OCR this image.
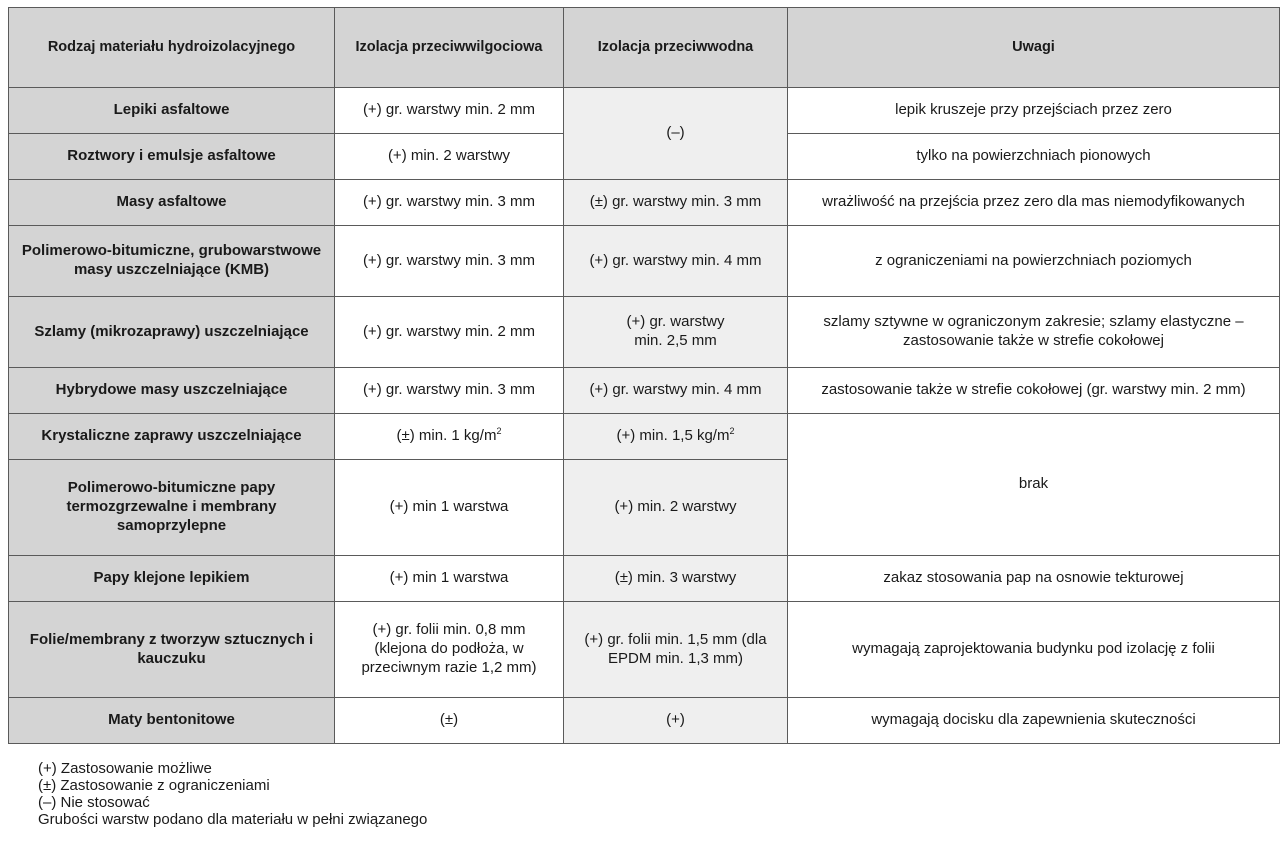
Rodzaj materiału hydroizolacyjnego	Izolacja przeciwwilgociowa	Izolacja przeciwwodna	Uwagi
Lepiki asfaltowe	(+) gr. warstwy min. 2 mm	(–)	lepik kruszeje przy przejściach przez zero
Roztwory i emulsje asfaltowe	(+) min. 2 warstwy		tylko na powierzchniach pionowych
Masy asfaltowe	(+) gr. warstwy min. 3 mm	(±) gr. warstwy min. 3 mm	wrażliwość na przejścia przez zero dla mas niemodyfikowanych
Polimerowo-bitumiczne, grubowarstwowe masy uszczelniające (KMB)	(+) gr. warstwy min. 3 mm	(+) gr. warstwy min. 4 mm	z ograniczeniami na powierzchniach poziomych
Szlamy (mikrozaprawy) uszczelniające	(+) gr. warstwy min. 2 mm	(+) gr. warstwy min. 2,5 mm	szlamy sztywne w ograniczonym zakresie; szlamy elastyczne – zastosowanie także w strefie cokołowej
Hybrydowe masy uszczelniające	(+) gr. warstwy min. 3 mm	(+) gr. warstwy min. 4 mm	zastosowanie także w strefie cokołowej (gr. warstwy min. 2 mm)
Krystaliczne zaprawy uszczelniające	(±) min. 1 $kg/m^2$	(+) min. 1,5 $kg/m^2$	brak
Polimerowo-bitumiczne papy termozgrzewalne i membrany samoprzylepne	(+) min 1 warstwa	(+) min. 2 warstwy	
Papy klejone lepikiem	(+) min 1 warstwa	(±) min. 3 warstwy	zakaz stosowania pap na osnowie tekturowej
Folie/membrany z tworzyw sztucznych i kauczuku	(+) gr. folii min. 0,8 mm (klejona do podłoża, w przeciwnym razie 1,2 mm)	(+) gr. folii min. 1,5 mm (dla EPDM min. 1,3 mm)	wymagają zaprojektowania budynku pod izolację z folii
Maty bentonitowe	(±)	(+)	wymagają docisku dla zapewnienia skuteczności
(+) Zastosowanie możliwe
(±) Zastosowanie z ograniczeniami
(–) Nie stosować
Grubości warstw podano dla materiału w pełni związanego
